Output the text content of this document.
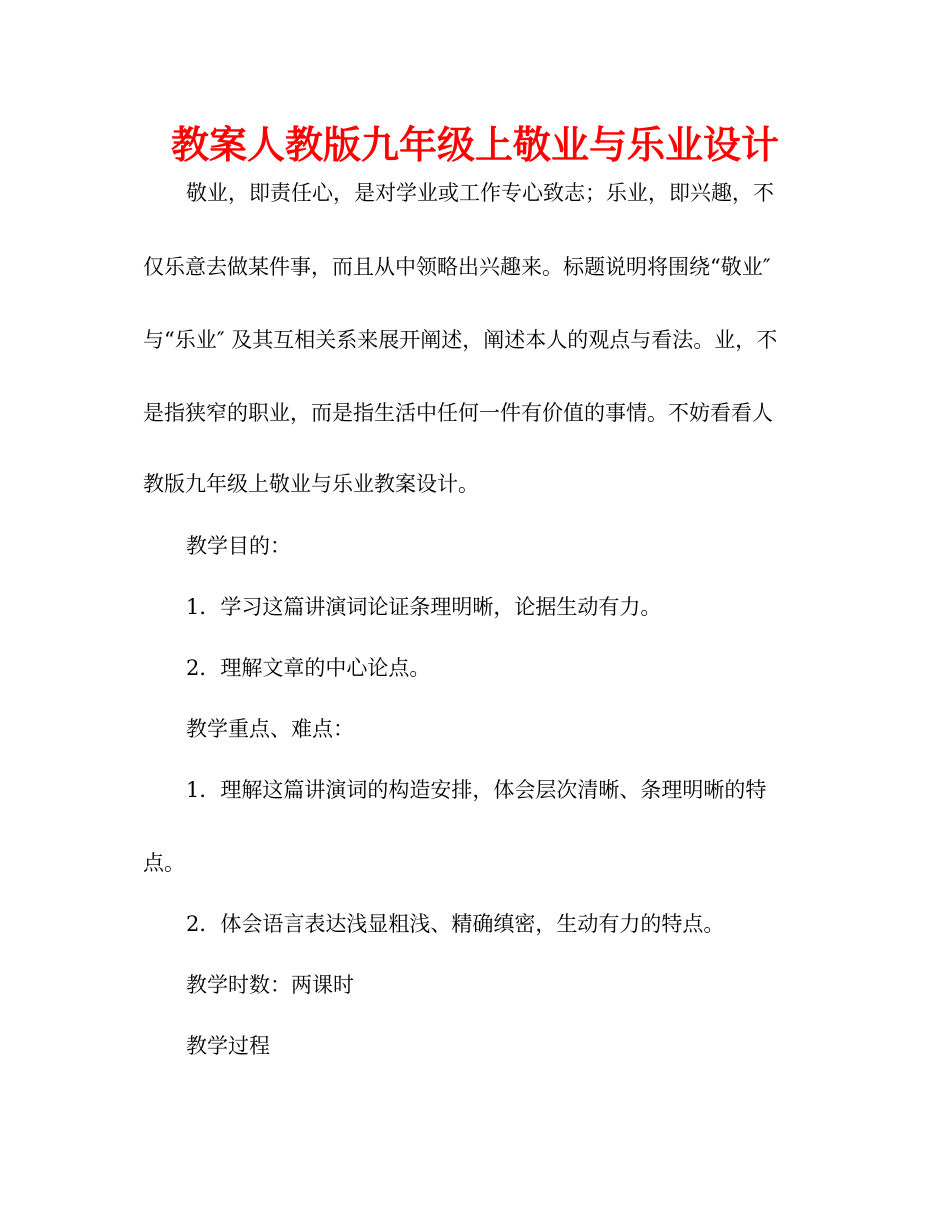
教案人教版九年级上敬业与乐业设计
敬业，即责任心，是对学业或工作专心致志；乐业，即兴趣，不
仅乐意去做某件事，而且从中领略出兴趣来。标题说明将围绕“敬业″
与“乐业″ 及其互相关系来展开阐述，阐述本人的观点与看法。业，不
是指狭窄的职业，而是指生活中任何一件有价值的事情。不妨看看人
教版九年级上敬业与乐业教案设计。
教学目的：
1．学习这篇讲演词论证条理明晰，论据生动有力。
2．理解文章的中心论点。
教学重点、难点：
1．理解这篇讲演词的构造安排，体会层次清晰、条理明晰的特
点。
2．体会语言表达浅显粗浅、精确缜密，生动有力的特点。
教学时数：两课时
教学过程
